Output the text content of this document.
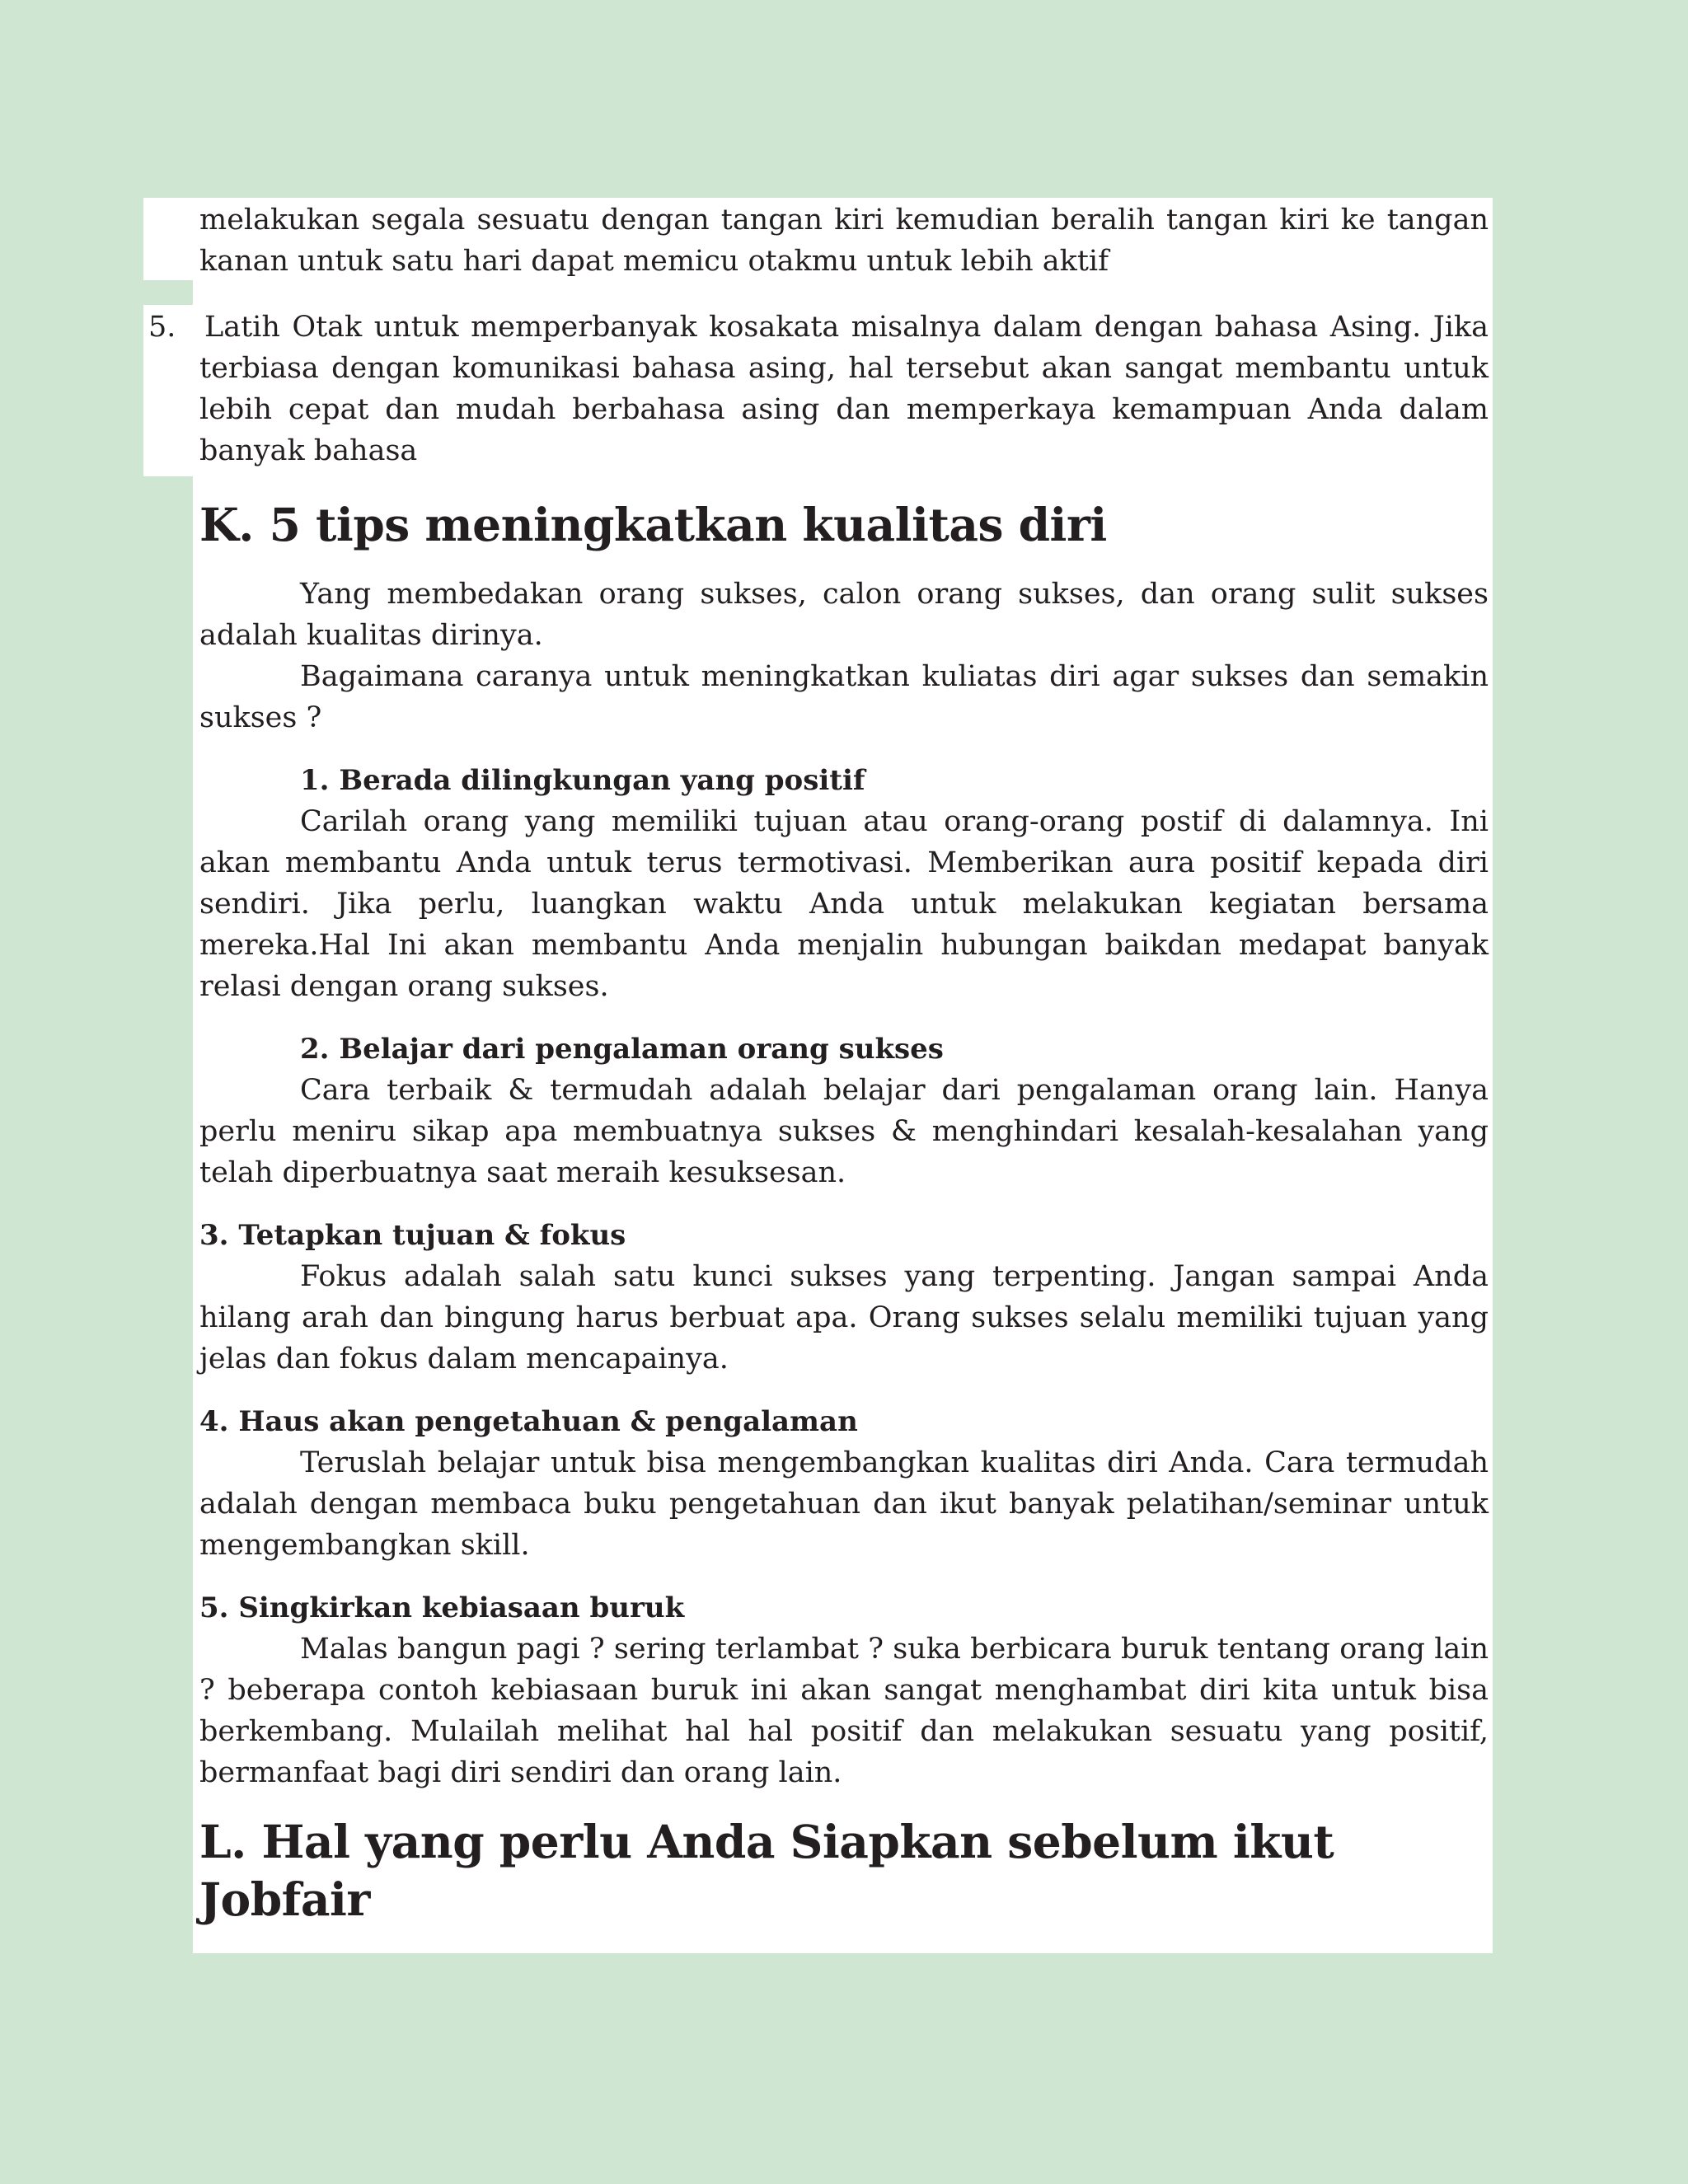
melakukan segala sesuatu dengan tangan kiri kemudian beralih tangan kiri ke tangan kanan untuk satu hari dapat memicu otakmu untuk lebih aktif

5. Latih Otak untuk memperbanyak kosakata misalnya dalam dengan bahasa Asing. Jika terbiasa dengan komunikasi bahasa asing, hal tersebut akan sangat membantu untuk lebih cepat dan mudah berbahasa asing dan memperkaya kemampuan Anda dalam banyak bahasa

K. 5 tips meningkatkan kualitas diri

Yang membedakan orang sukses, calon orang sukses, dan orang sulit sukses adalah kualitas dirinya.

Bagaimana caranya untuk meningkatkan kuliatas diri agar sukses dan semakin sukses ?

1. Berada dilingkungan yang positif

Carilah orang yang memiliki tujuan atau orang-orang postif di dalamnya. Ini akan membantu Anda untuk terus termotivasi. Memberikan aura positif kepada diri sendiri. Jika perlu, luangkan waktu Anda untuk melakukan kegiatan bersama mereka.Hal Ini akan membantu Anda menjalin hubungan baikdan medapat banyak relasi dengan orang sukses.

2. Belajar dari pengalaman orang sukses

Cara terbaik & termudah adalah belajar dari pengalaman orang lain. Hanya perlu meniru sikap apa membuatnya sukses & menghindari kesalah-kesalahan yang telah diperbuatnya saat meraih kesuksesan.

3. Tetapkan tujuan & fokus

Fokus adalah salah satu kunci sukses yang terpenting. Jangan sampai Anda hilang arah dan bingung harus berbuat apa. Orang sukses selalu memiliki tujuan yang jelas dan fokus dalam mencapainya.

4. Haus akan pengetahuan & pengalaman

Teruslah belajar untuk bisa mengembangkan kualitas diri Anda. Cara termudah adalah dengan membaca buku pengetahuan dan ikut banyak pelatihan/seminar untuk mengembangkan skill.

5. Singkirkan kebiasaan buruk

Malas bangun pagi ? sering terlambat ? suka berbicara buruk tentang orang lain ? beberapa contoh kebiasaan buruk ini akan sangat menghambat diri kita untuk bisa berkembang. Mulailah melihat hal hal positif dan melakukan sesuatu yang positif, bermanfaat bagi diri sendiri dan orang lain.

L. Hal yang perlu Anda Siapkan sebelum ikut Jobfair
